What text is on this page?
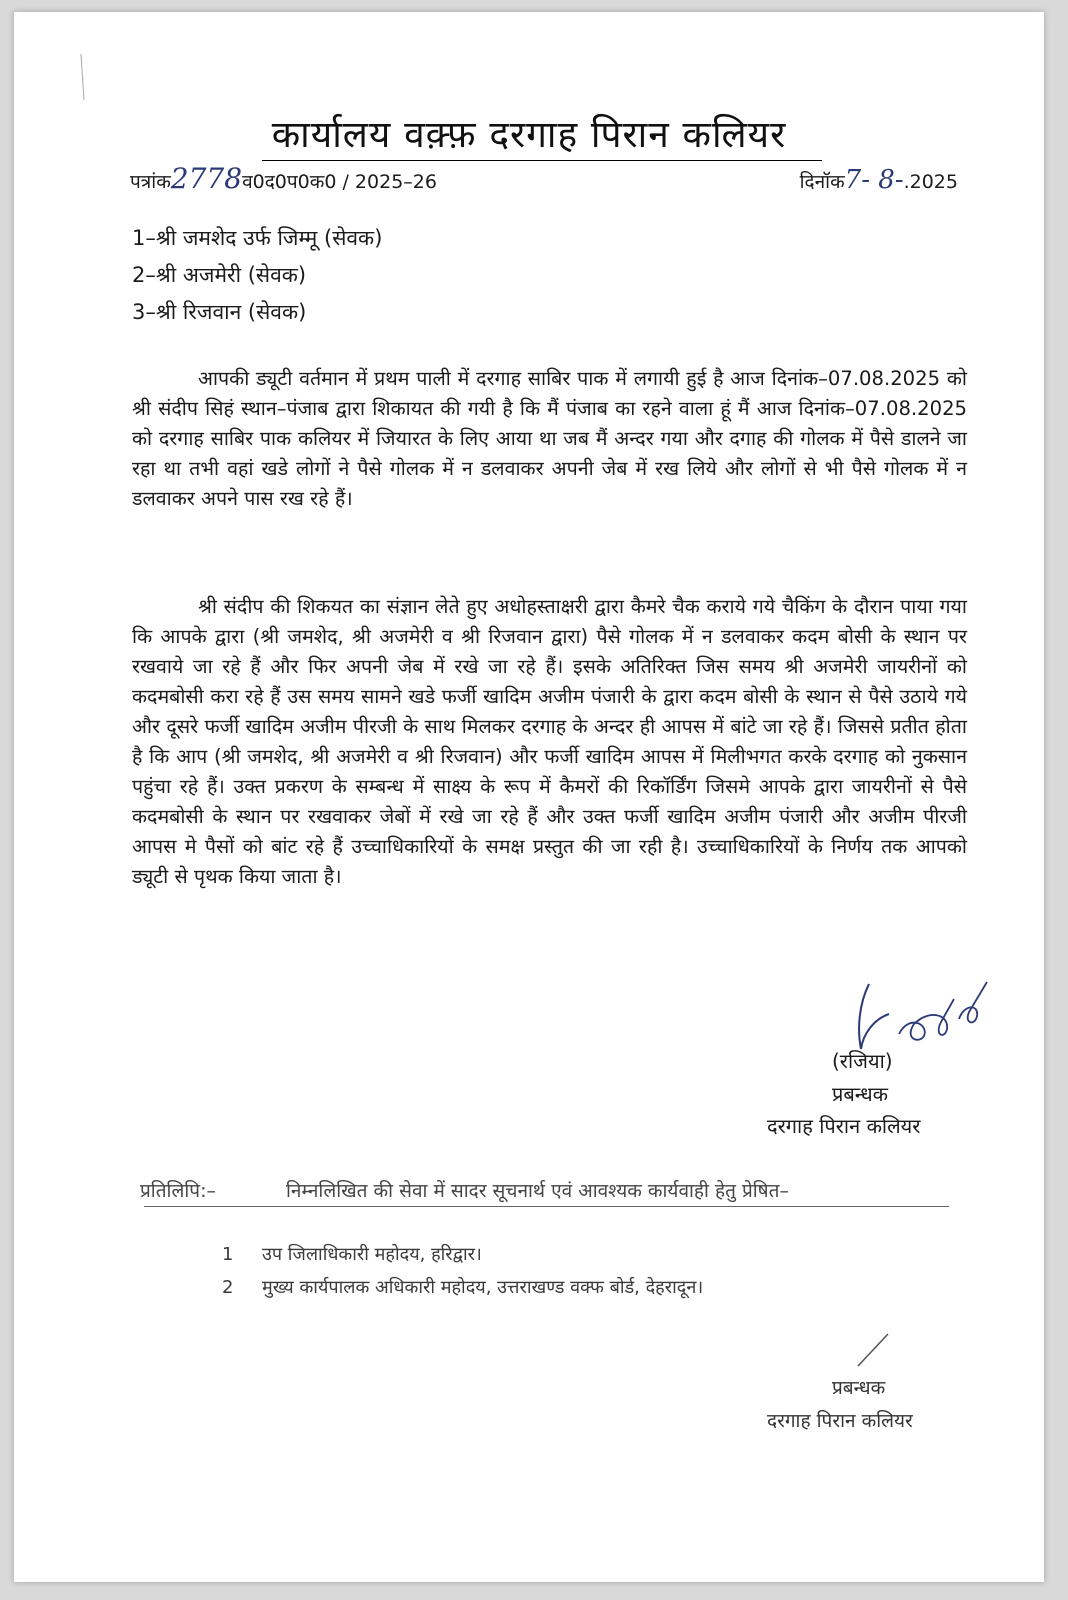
कार्यालय वक़्फ़ दरगाह पिरान कलियर
पत्रांक2778व0द0प0क0 / 2025–26	दिनॉक7- 8-.2025
1–श्री जमशेद उर्फ जिम्मू (सेवक)
2–श्री अजमेरी (सेवक)
3–श्री रिजवान (सेवक)

आपकी ड्यूटी वर्तमान में प्रथम पाली में दरगाह साबिर पाक में लगायी हुई है आज दिनांक–07.08.2025 को श्री संदीप सिहं स्थान–पंजाब द्वारा शिकायत की गयी है कि मैं पंजाब का रहने वाला हूं मैं आज दिनांक–07.08.2025 को दरगाह साबिर पाक कलियर में जियारत के लिए आया था जब मैं अन्दर गया और दगाह की गोलक में पैसे डालने जा रहा था तभी वहां खडे लोगों ने पैसे गोलक में न डलवाकर अपनी जेब में रख लिये और लोगों से भी पैसे गोलक में न डलवाकर अपने पास रख रहे हैं।

श्री संदीप की शिकयत का संज्ञान लेते हुए अधोहस्ताक्षरी द्वारा कैमरे चैक कराये गये चैकिंग के दौरान पाया गया कि आपके द्वारा (श्री जमशेद, श्री अजमेरी व श्री रिजवान द्वारा) पैसे गोलक में न डलवाकर कदम बोसी के स्थान पर रखवाये जा रहे हैं और फिर अपनी जेब में रखे जा रहे हैं। इसके अतिरिक्त जिस समय श्री अजमेरी जायरीनों को कदमबोसी करा रहे हैं उस समय सामने खडे फर्जी खादिम अजीम पंजारी के द्वारा कदम बोसी के स्थान से पैसे उठाये गये और दूसरे फर्जी खादिम अजीम पीरजी के साथ मिलकर दरगाह के अन्दर ही आपस में बांटे जा रहे हैं। जिससे प्रतीत होता है कि आप (श्री जमशेद, श्री अजमेरी व श्री रिजवान) और फर्जी खादिम आपस में मिलीभगत करके दरगाह को नुकसान पहुंचा रहे हैं। उक्त प्रकरण के सम्बन्ध में साक्ष्य के रूप में कैमरों की रिकॉर्डिंग जिसमे आपके द्वारा जायरीनों से पैसे कदमबोसी के स्थान पर रखवाकर जेबों में रखे जा रहे हैं और उक्त फर्जी खादिम अजीम पंजारी और अजीम पीरजी आपस मे पैसों को बांट रहे हैं उच्चाधिकारियों के समक्ष प्रस्तुत की जा रही है। उच्चाधिकारियों के निर्णय तक आपको ड्यूटी से पृथक किया जाता है।

(रजिया)
प्रबन्धक
दरगाह पिरान कलियर
प्रतिलिपि:–	निम्नलिखित की सेवा में सादर सूचनार्थ एवं आवश्यक कार्यवाही हेतु प्रेषित–
1 उप जिलाधिकारी महोदय, हरिद्वार।
2 मुख्य कार्यपालक अधिकारी महोदय, उत्तराखण्ड वक्फ बोर्ड, देहरादून।
प्रबन्धक
दरगाह पिरान कलियर
